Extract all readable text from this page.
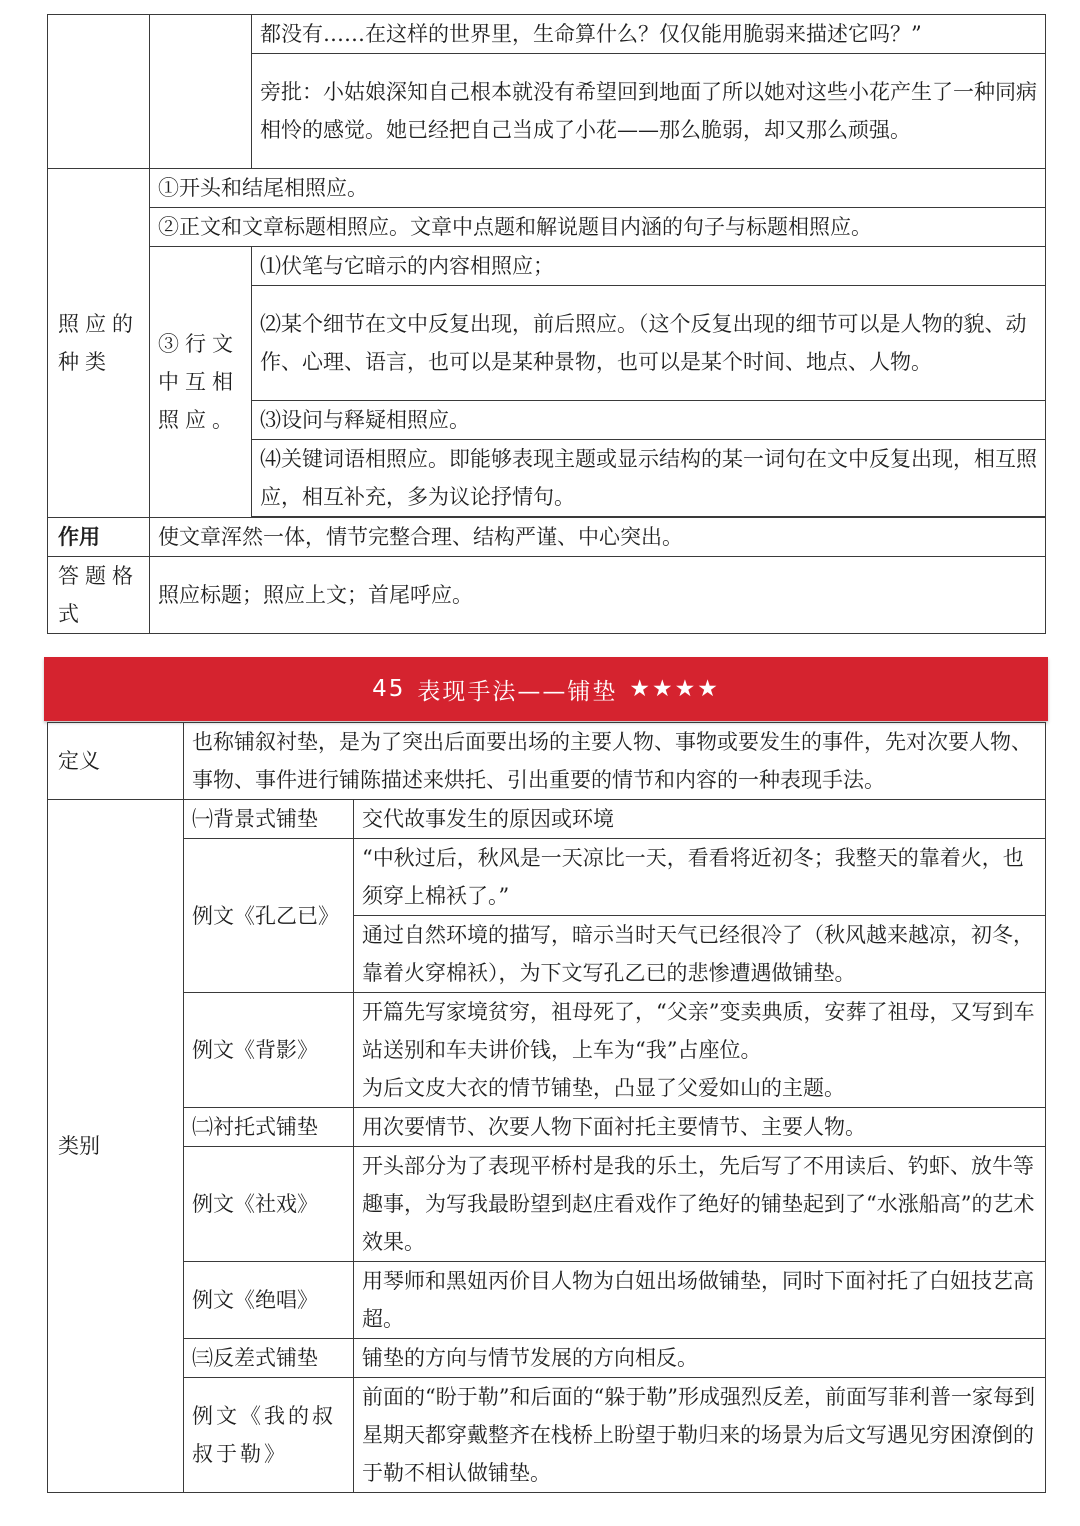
		都没有……在这样的世界里，生命算什么？仅仅能用脆弱来描述它吗？”
		旁批：小姑娘深知自己根本就没有希望回到地面了所以她对这些小花产生了一种同病相怜的感觉。她已经把自己当成了小花——那么脆弱，却又那么顽强。
照应的种类	①开头和结尾相照应。	
	②正文和文章标题相照应。文章中点题和解说题目内涵的句子与标题相照应。	
	③行文中互相照应。	⑴伏笔与它暗示的内容相照应；
		⑵某个细节在文中反复出现，前后照应。（这个反复出现的细节可以是人物的貌、动作、心理、语言，也可以是某种景物，也可以是某个时间、地点、人物。
		⑶设问与释疑相照应。
		⑷关键词语相照应。即能够表现主题或显示结构的某一词句在文中反复出现，相互照应，相互补充，多为议论抒情句。

作用	使文章浑然一体，情节完整合理、结构严谨、中心突出。	
答题格式	照应标题；照应上文；首尾呼应。	
45 表现手法——铺垫 ★★★★
定义	也称铺叙衬垫，是为了突出后面要出场的主要人物、事物或要发生的事件，先对次要人物、事物、事件进行铺陈描述来烘托、引出重要的情节和内容的一种表现手法。	
类别	㈠背景式铺垫	交代故事发生的原因或环境
	例文《孔乙已》	“中秋过后，秋风是一天凉比一天，看看将近初冬；我整天的靠着火，也须穿上棉袄了。”
		通过自然环境的描写，暗示当时天气已经很冷了（秋风越来越凉，初冬，靠着火穿棉袄），为下文写孔乙已的悲惨遭遇做铺垫。
	例文《背影》	开篇先写家境贫穷，祖母死了，“父亲”变卖典质，安葬了祖母，又写到车站送别和车夫讲价钱，上车为“我”占座位。
为后文皮大衣的情节铺垫，凸显了父爱如山的主题。

	㈡衬托式铺垫	用次要情节、次要人物下面衬托主要情节、主要人物。
	例文《社戏》	开头部分为了表现平桥村是我的乐土，先后写了不用读后、钓虾、放牛等趣事，为写我最盼望到赵庄看戏作了绝好的铺垫起到了“水涨船高”的艺术效果。
	例文《绝唱》	用琴师和黑妞丙价目人物为白妞出场做铺垫，同时下面衬托了白妞技艺高超。
	㈢反差式铺垫	铺垫的方向与情节发展的方向相反。
	例文《我的叔叔于勒》	前面的“盼于勒”和后面的“躲于勒”形成强烈反差，前面写菲利普一家每到星期天都穿戴整齐在栈桥上盼望于勒归来的场景为后文写遇见穷困潦倒的于勒不相认做铺垫。
